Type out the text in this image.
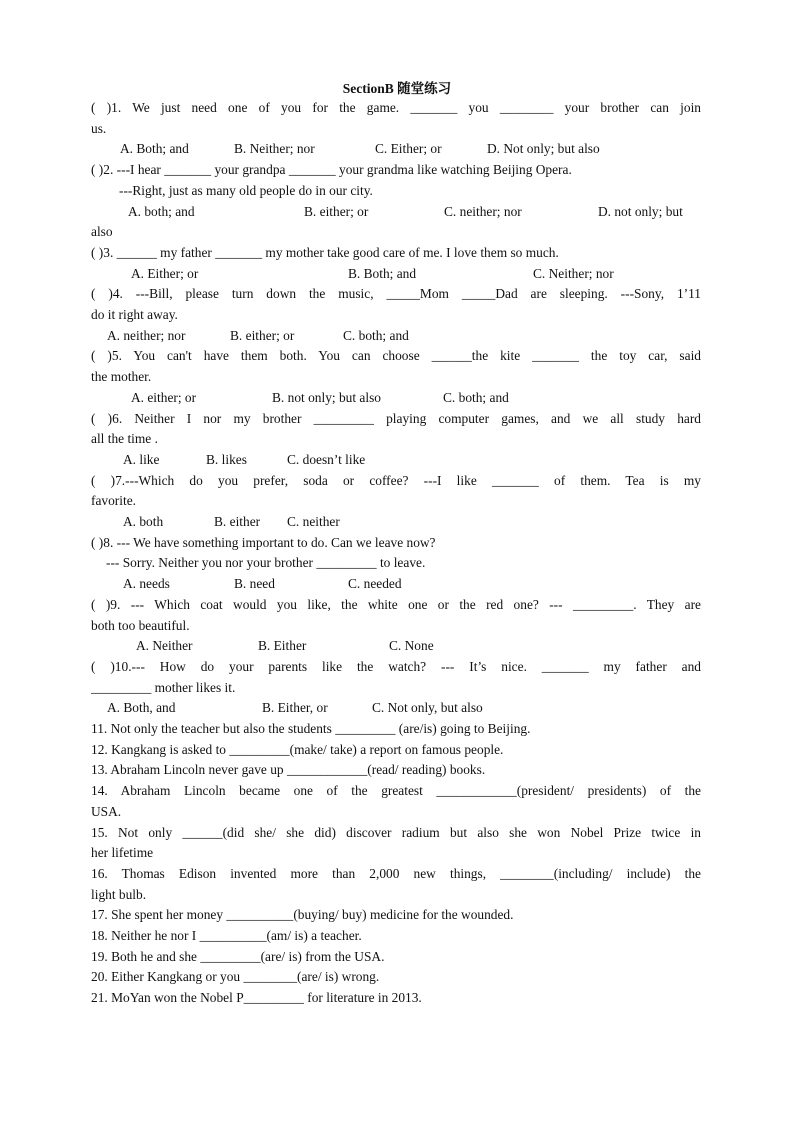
SectionB 随堂练习
( )1. We just need one of you for the game. _______ you ________ your brother can join
us.
A. Both; and	B. Neither; nor	C. Either; or	D. Not only; but also
( )2. ---I hear _______ your grandpa _______ your grandma like watching Beijing Opera.
---Right, just as many old people do in our city.
A. both; and	B. either; or	C. neither; nor	D. not only; but
also
( )3. ______ my father _______ my mother take good care of me. I love them so much.
A. Either; or	B. Both; and	C. Neither; nor
( )4. ---Bill, please turn down the music, _____Mom _____Dad are sleeping. ---Sony, 1’11
do it right away.
A. neither; nor	B. either; or	C. both; and
( )5. You can't have them both. You can choose ______the kite _______ the toy car, said
the mother.
A. either; or	B. not only; but also	C. both; and
( )6. Neither I nor my brother _________ playing computer games, and we all study hard
all the time .
A. like	B. likes	C. doesn’t like
( )7.---Which do you prefer, soda or coffee? ---I like _______ of them. Tea is my
favorite.
A. both	B. either C. neither
( )8. --- We have something important to do. Can we leave now?
--- Sorry. Neither you nor your brother _________ to leave.
A. needs	B. need	C. needed
( )9. --- Which coat would you like, the white one or the red one? --- _________. They are
both too beautiful.
A. Neither	B. Either	C. None
( )10.--- How do your parents like the watch? --- It’s nice. _______ my father and
_________ mother likes it.
A. Both, and	B. Either, or	C. Not only, but also
11. Not only the teacher but also the students _________ (are/is) going to Beijing.
12. Kangkang is asked to _________(make/ take) a report on famous people.
13. Abraham Lincoln never gave up ____________(read/ reading) books.
14. Abraham Lincoln became one of the greatest ____________(president/ presidents) of the
USA.
15. Not only ______(did she/ she did) discover radium but also she won Nobel Prize twice in
her lifetime
16. Thomas Edison invented more than 2,000 new things, ________(including/ include) the
light bulb.
17. She spent her money __________(buying/ buy) medicine for the wounded.
18. Neither he nor I __________(am/ is) a teacher.
19. Both he and she _________(are/ is) from the USA.
20. Either Kangkang or you ________(are/ is) wrong.
21. MoYan won the Nobel P_________ for literature in 2013.
